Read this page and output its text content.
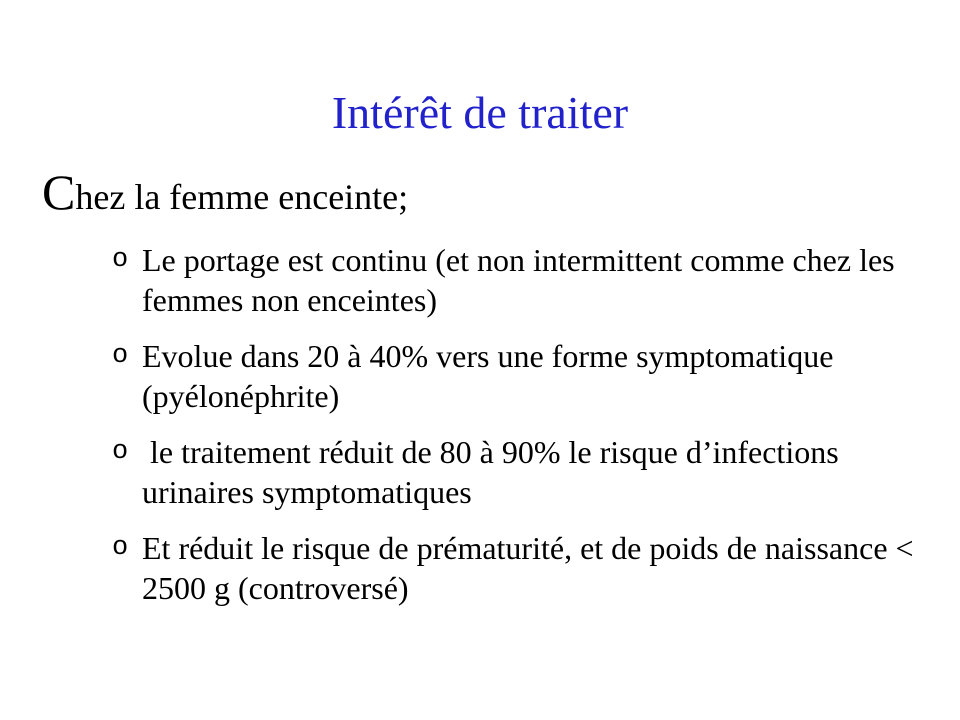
Intérêt de traiter
Chez la femme enceinte;
o Le portage est continu (et non intermittent comme chez les femmes non enceintes)
o Evolue dans 20 à 40% vers une forme symptomatique (pyélonéphrite)
o le traitement réduit de 80 à 90% le risque d’infections urinaires symptomatiques
o Et réduit le risque de prématurité, et de poids de naissance < 2500 g (controversé)
